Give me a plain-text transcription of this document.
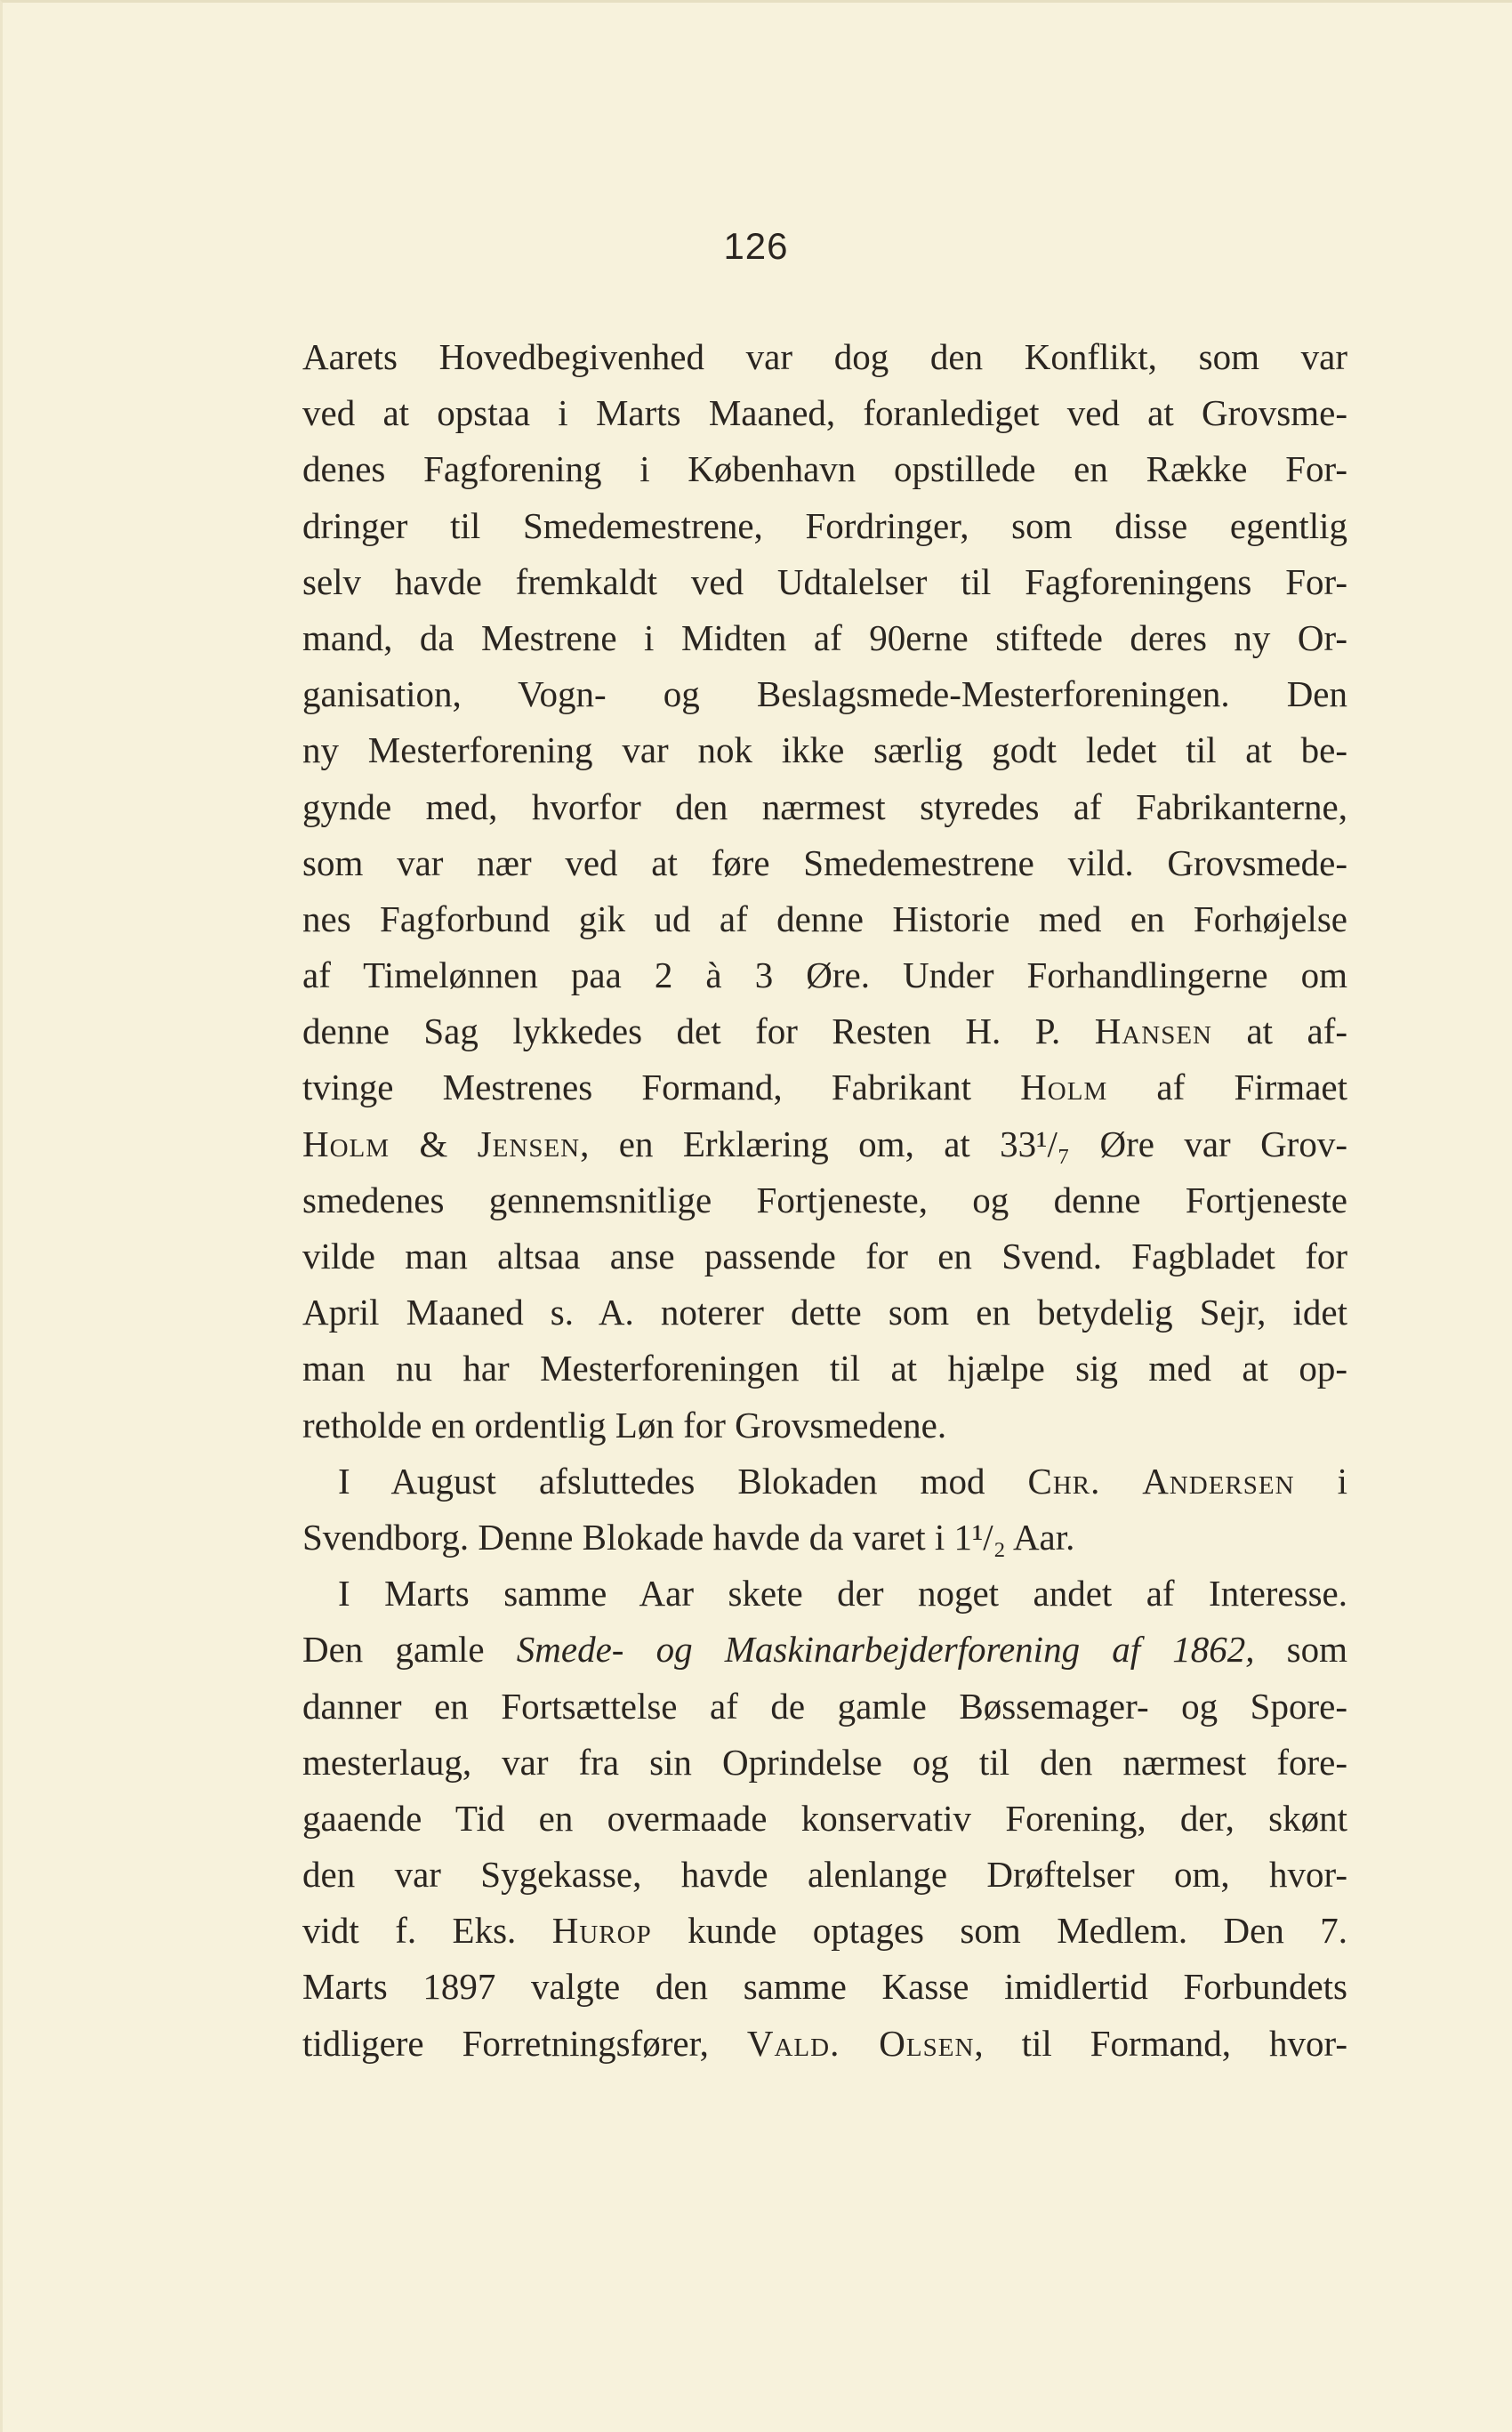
126
Aarets Hovedbegivenhed var dog den Konflikt, som var
ved at opstaa i Marts Maaned, foranlediget ved at Grovsme-
denes Fagforening i København opstillede en Række For-
dringer til Smedemestrene, Fordringer, som disse egentlig
selv havde fremkaldt ved Udtalelser til Fagforeningens For-
mand, da Mestrene i Midten af 90erne stiftede deres ny Or-
ganisation, Vogn- og Beslagsmede-Mesterforeningen. Den
ny Mesterforening var nok ikke særlig godt ledet til at be-
gynde med, hvorfor den nærmest styredes af Fabrikanterne,
som var nær ved at føre Smedemestrene vild. Grovsmede-
nes Fagforbund gik ud af denne Historie med en Forhøjelse
af Timelønnen paa 2 à 3 Øre. Under Forhandlingerne om
denne Sag lykkedes det for Resten H. P. Hansen at af-
tvinge Mestrenes Formand, Fabrikant Holm af Firmaet
Holm & Jensen, en Erklæring om, at 33¹/₇ Øre var Grov-
smedenes gennemsnitlige Fortjeneste, og denne Fortjeneste
vilde man altsaa anse passende for en Svend. Fagbladet for
April Maaned s. A. noterer dette som en betydelig Sejr, idet
man nu har Mesterforeningen til at hjælpe sig med at op-
retholde en ordentlig Løn for Grovsmedene.
I August afsluttedes Blokaden mod Chr. Andersen i
Svendborg. Denne Blokade havde da varet i 1¹/₂ Aar.
I Marts samme Aar skete der noget andet af Interesse.
Den gamle Smede- og Maskinarbejderforening af 1862, som
danner en Fortsættelse af de gamle Bøssemager- og Spore-
mesterlaug, var fra sin Oprindelse og til den nærmest fore-
gaaende Tid en overmaade konservativ Forening, der, skønt
den var Sygekasse, havde alenlange Drøftelser om, hvor-
vidt f. Eks. Hurop kunde optages som Medlem. Den 7.
Marts 1897 valgte den samme Kasse imidlertid Forbundets
tidligere Forretningsfører, Vald. Olsen, til Formand, hvor-
